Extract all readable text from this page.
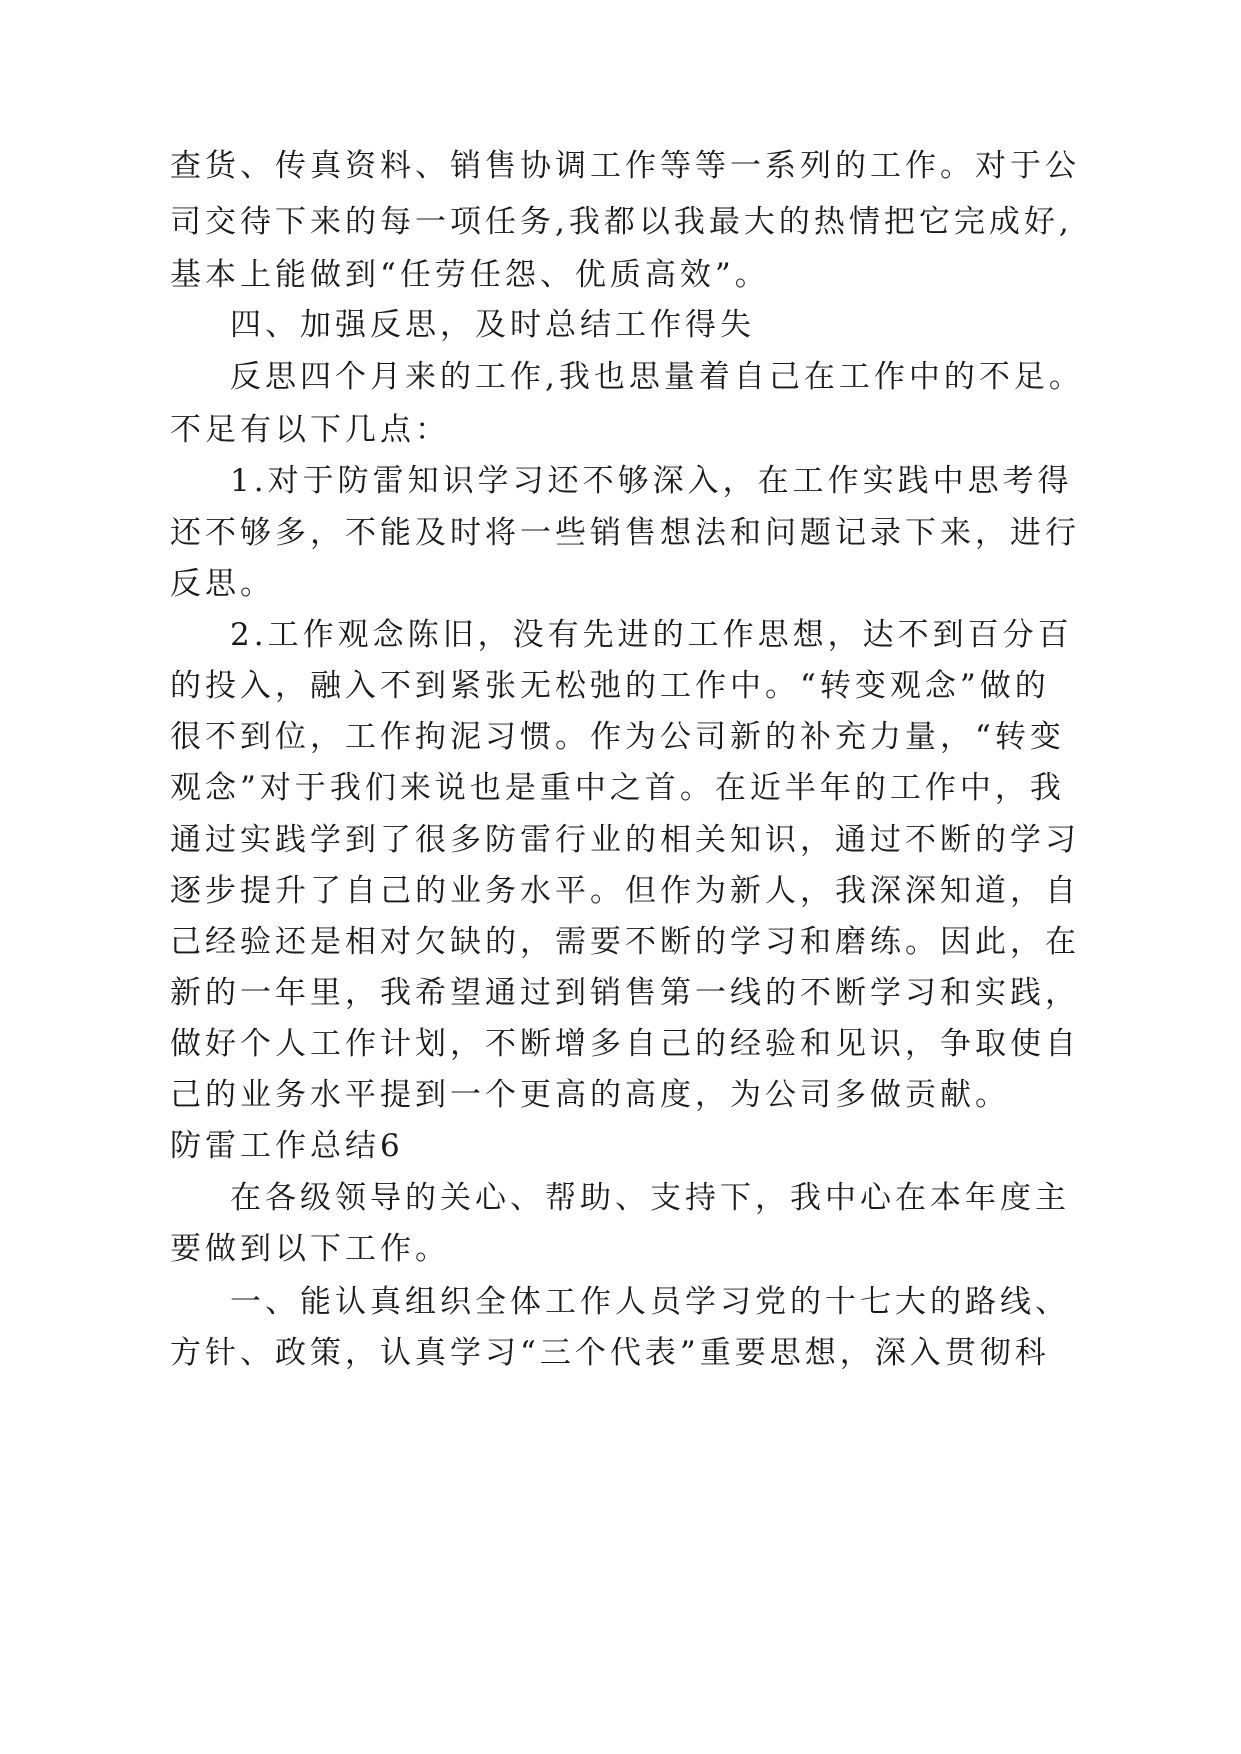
查货、传真资料、销售协调工作等等一系列的工作。对于公
司交待下来的每一项任务,我都以我最大的热情把它完成好,
基本上能做到“任劳任怨、优质高效”。
四、加强反思，及时总结工作得失
反思四个月来的工作,我也思量着自己在工作中的不足。
不足有以下几点：
1.对于防雷知识学习还不够深入，在工作实践中思考得
还不够多，不能及时将一些销售想法和问题记录下来，进行
反思。
2.工作观念陈旧，没有先进的工作思想，达不到百分百
的投入，融入不到紧张无松弛的工作中。“转变观念”做的
很不到位，工作拘泥习惯。作为公司新的补充力量，“转变
观念”对于我们来说也是重中之首。在近半年的工作中，我
通过实践学到了很多防雷行业的相关知识，通过不断的学习
逐步提升了自己的业务水平。但作为新人，我深深知道，自
己经验还是相对欠缺的，需要不断的学习和磨练。因此，在
新的一年里，我希望通过到销售第一线的不断学习和实践，
做好个人工作计划，不断增多自己的经验和见识，争取使自
己的业务水平提到一个更高的高度，为公司多做贡献。
防雷工作总结6
在各级领导的关心、帮助、支持下，我中心在本年度主
要做到以下工作。
一、能认真组织全体工作人员学习党的十七大的路线、
方针、政策，认真学习“三个代表”重要思想，深入贯彻科
